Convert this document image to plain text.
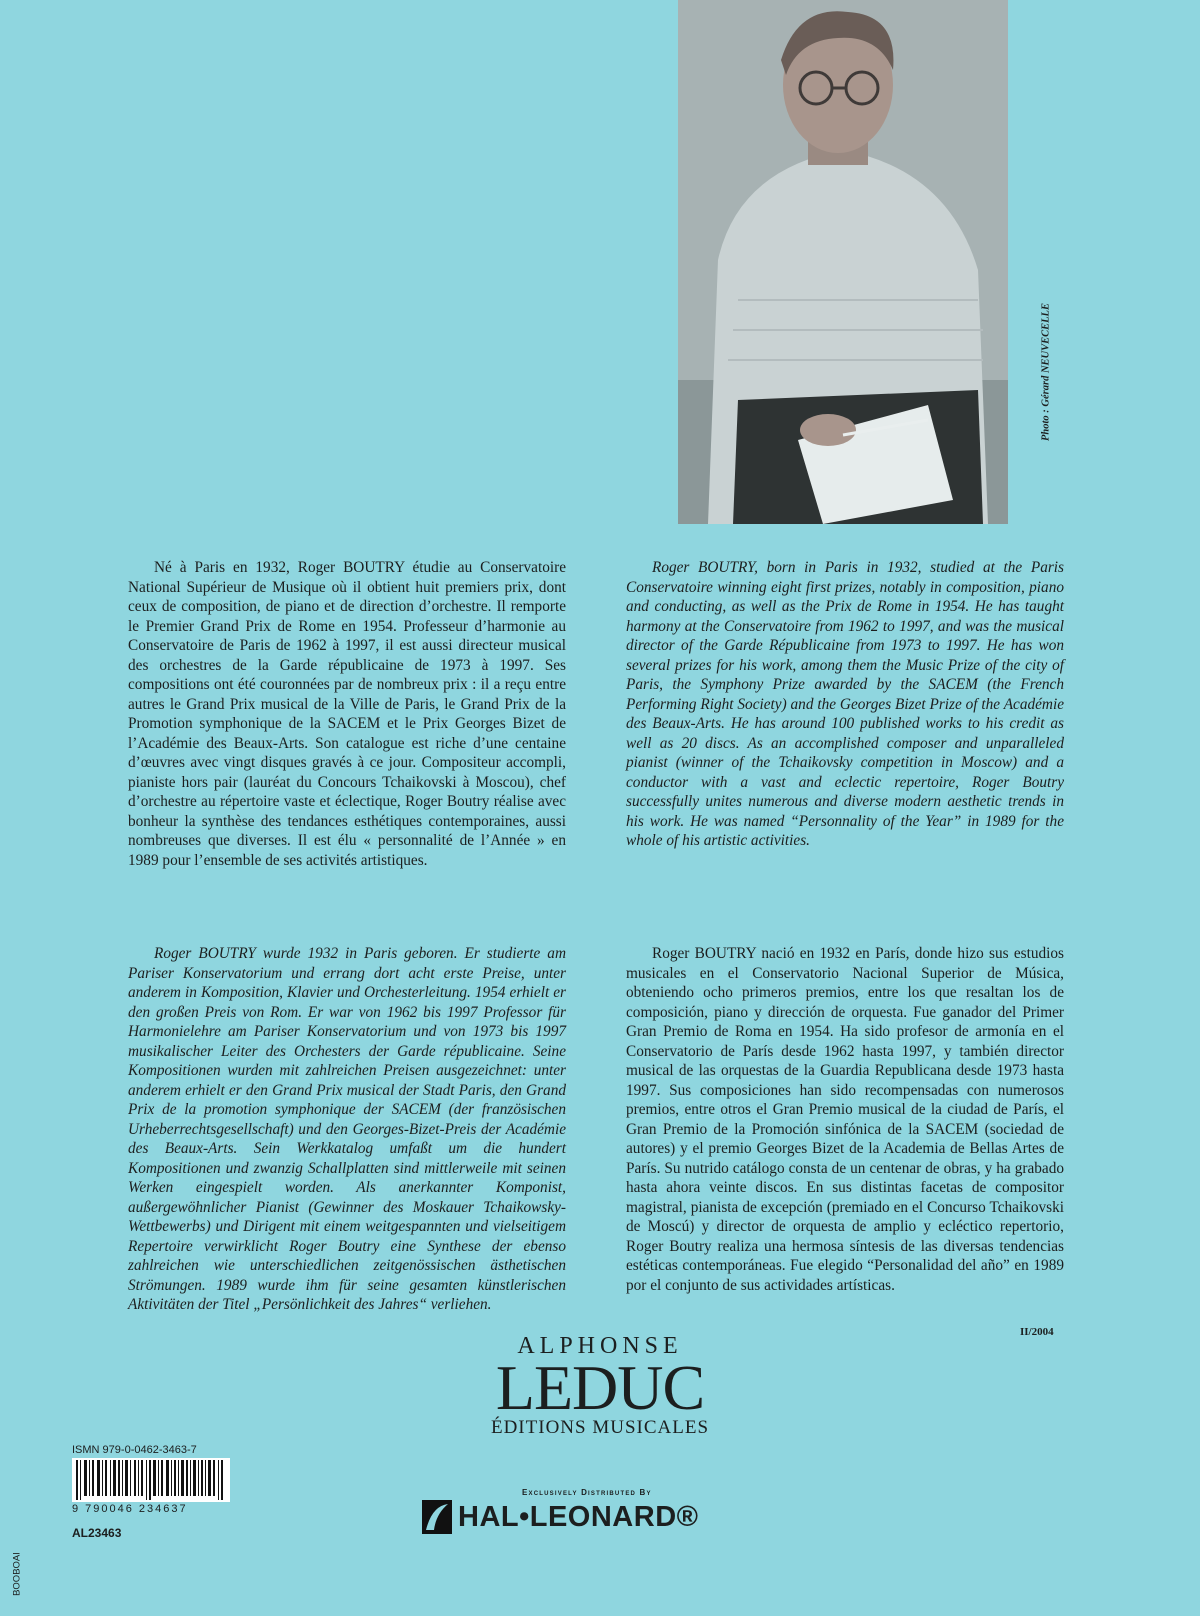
Photo : Gérard NEUVECELLE

Né à Paris en 1932, Roger BOUTRY étudie au Conservatoire National Supérieur de Musique où il obtient huit premiers prix, dont ceux de composition, de piano et de direction d’orchestre. Il remporte le Premier Grand Prix de Rome en 1954. Professeur d’harmonie au Conservatoire de Paris de 1962 à 1997, il est aussi directeur musical des orchestres de la Garde républicaine de 1973 à 1997. Ses compositions ont été couronnées par de nombreux prix : il a reçu entre autres le Grand Prix musical de la Ville de Paris, le Grand Prix de la Promotion symphonique de la SACEM et le Prix Georges Bizet de l’Académie des Beaux-Arts. Son catalogue est riche d’une centaine d’œuvres avec vingt disques gravés à ce jour. Compositeur accompli, pianiste hors pair (lauréat du Concours Tchaikovski à Moscou), chef d’orchestre au répertoire vaste et éclectique, Roger Boutry réalise avec bonheur la synthèse des tendances esthétiques contemporaines, aussi nombreuses que diverses. Il est élu « personnalité de l’Année » en 1989 pour l’ensemble de ses activités artistiques.

Roger BOUTRY, born in Paris in 1932, studied at the Paris Conservatoire winning eight first prizes, notably in composition, piano and conducting, as well as the Prix de Rome in 1954. He has taught harmony at the Conservatoire from 1962 to 1997, and was the musical director of the Garde Républicaine from 1973 to 1997. He has won several prizes for his work, among them the Music Prize of the city of Paris, the Symphony Prize awarded by the SACEM (the French Performing Right Society) and the Georges Bizet Prize of the Académie des Beaux-Arts. He has around 100 published works to his credit as well as 20 discs. As an accomplished composer and unparalleled pianist (winner of the Tchaikovsky competition in Moscow) and a conductor with a vast and eclectic repertoire, Roger Boutry successfully unites numerous and diverse modern aesthetic trends in his work. He was named “Personnality of the Year” in 1989 for the whole of his artistic activities.

Roger BOUTRY wurde 1932 in Paris geboren. Er studierte am Pariser Konservatorium und errang dort acht erste Preise, unter anderem in Komposition, Klavier und Orchesterleitung. 1954 erhielt er den großen Preis von Rom. Er war von 1962 bis 1997 Professor für Harmonielehre am Pariser Konservatorium und von 1973 bis 1997 musikalischer Leiter des Orchesters der Garde républicaine. Seine Kompositionen wurden mit zahlreichen Preisen ausgezeichnet: unter anderem erhielt er den Grand Prix musical der Stadt Paris, den Grand Prix de la promotion symphonique der SACEM (der französischen Urheberrechtsgesellschaft) und den Georges-Bizet-Preis der Académie des Beaux-Arts. Sein Werkkatalog umfaßt um die hundert Kompositionen und zwanzig Schallplatten sind mittlerweile mit seinen Werken eingespielt worden. Als anerkannter Komponist, außergewöhnlicher Pianist (Gewinner des Moskauer Tchaikowsky-Wettbewerbs) und Dirigent mit einem weitgespannten und vielseitigem Repertoire verwirklicht Roger Boutry eine Synthese der ebenso zahlreichen wie unterschiedlichen zeitgenössischen ästhetischen Strömungen. 1989 wurde ihm für seine gesamten künstlerischen Aktivitäten der Titel „Persönlichkeit des Jahres“ verliehen.

Roger BOUTRY nació en 1932 en París, donde hizo sus estudios musicales en el Conservatorio Nacional Superior de Música, obteniendo ocho primeros premios, entre los que resaltan los de composición, piano y dirección de orquesta. Fue ganador del Primer Gran Premio de Roma en 1954. Ha sido profesor de armonía en el Conservatorio de París desde 1962 hasta 1997, y también director musical de las orquestas de la Guardia Republicana desde 1973 hasta 1997. Sus composiciones han sido recompensadas con numerosos premios, entre otros el Gran Premio musical de la ciudad de París, el Gran Premio de la Promoción sinfónica de la SACEM (sociedad de autores) y el premio Georges Bizet de la Academia de Bellas Artes de París. Su nutrido catálogo consta de un centenar de obras, y ha grabado hasta ahora veinte discos. En sus distintas facetas de compositor magistral, pianista de excepción (premiado en el Concurso Tchaikovski de Moscú) y director de orquesta de amplio y ecléctico repertorio, Roger Boutry realiza una hermosa síntesis de las diversas tendencias estéticas contemporáneas. Fue elegido “Personalidad del año” en 1989 por el conjunto de sus actividades artísticas.

II/2004
ALPHONSE
LEDUC
ÉDITIONS MUSICALES
ISMN 979-0-0462-3463-7
9 790046 234637
AL23463
BOOBOAI
Exclusively Distributed By
HAL•LEONARD®
